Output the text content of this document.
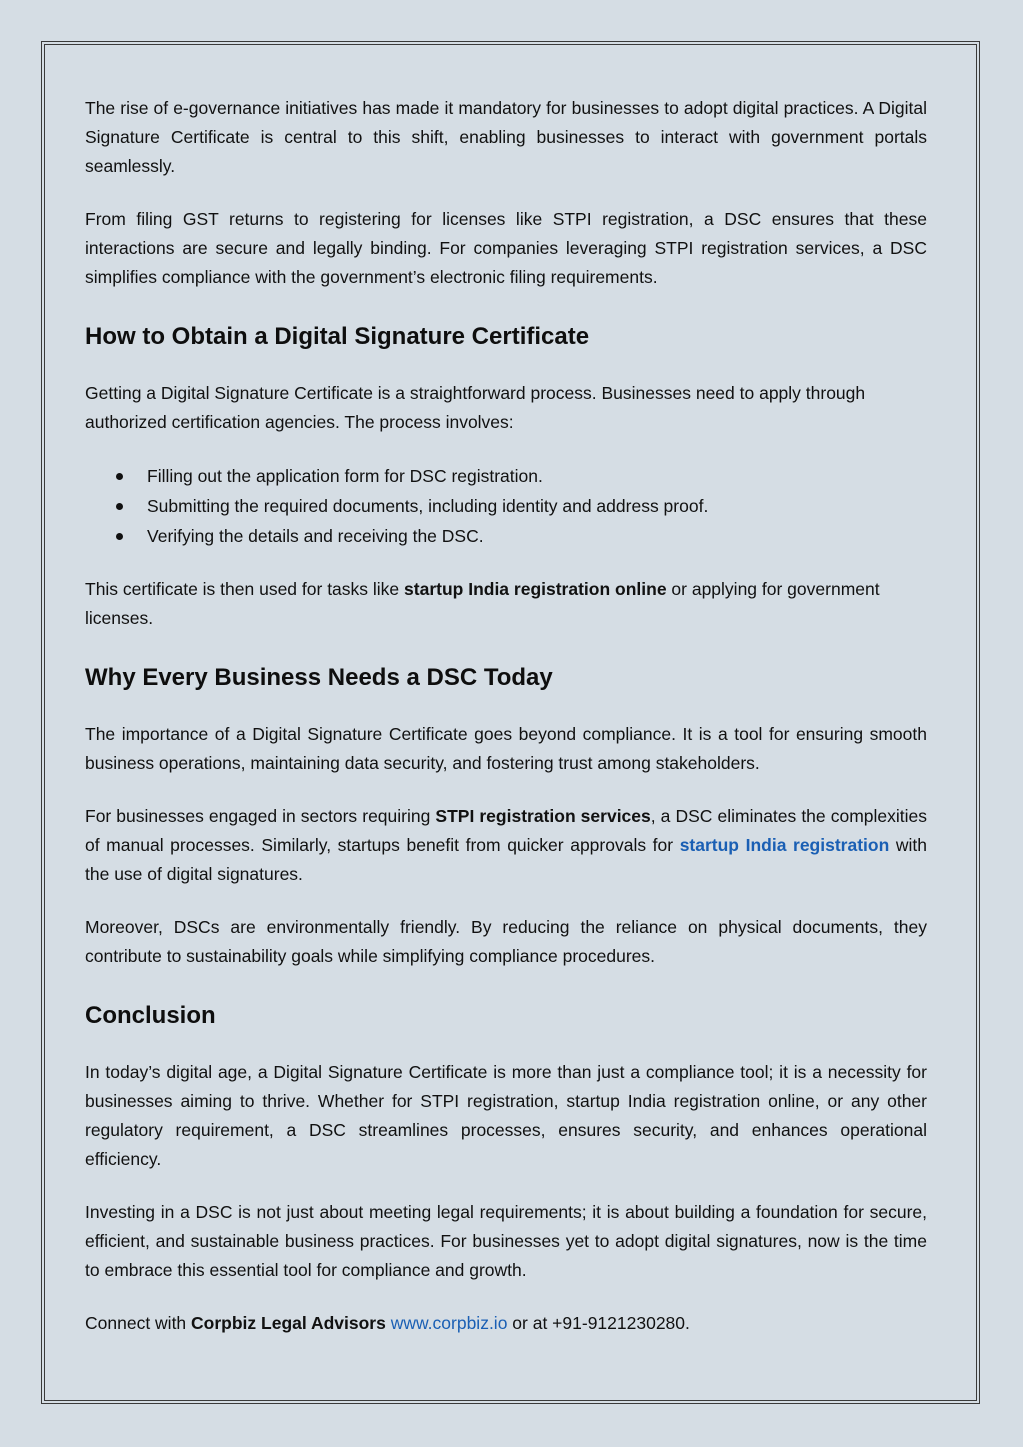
The rise of e-governance initiatives has made it mandatory for businesses to adopt digital practices. A Digital Signature Certificate is central to this shift, enabling businesses to interact with government portals seamlessly.

From filing GST returns to registering for licenses like STPI registration, a DSC ensures that these interactions are secure and legally binding. For companies leveraging STPI registration services, a DSC simplifies compliance with the government’s electronic filing requirements.

How to Obtain a Digital Signature Certificate

Getting a Digital Signature Certificate is a straightforward process. Businesses need to apply through authorized certification agencies. The process involves:

Filling out the application form for DSC registration.
Submitting the required documents, including identity and address proof.
Verifying the details and receiving the DSC.

This certificate is then used for tasks like startup India registration online or applying for government licenses.

Why Every Business Needs a DSC Today

The importance of a Digital Signature Certificate goes beyond compliance. It is a tool for ensuring smooth business operations, maintaining data security, and fostering trust among stakeholders.

For businesses engaged in sectors requiring STPI registration services, a DSC eliminates the complexities of manual processes. Similarly, startups benefit from quicker approvals for startup India registration with the use of digital signatures.

Moreover, DSCs are environmentally friendly. By reducing the reliance on physical documents, they contribute to sustainability goals while simplifying compliance procedures.

Conclusion

In today’s digital age, a Digital Signature Certificate is more than just a compliance tool; it is a necessity for businesses aiming to thrive. Whether for STPI registration, startup India registration online, or any other regulatory requirement, a DSC streamlines processes, ensures security, and enhances operational efficiency.

Investing in a DSC is not just about meeting legal requirements; it is about building a foundation for secure, efficient, and sustainable business practices. For businesses yet to adopt digital signatures, now is the time to embrace this essential tool for compliance and growth.

Connect with Corpbiz Legal Advisors www.corpbiz.io or at +91-9121230280.
